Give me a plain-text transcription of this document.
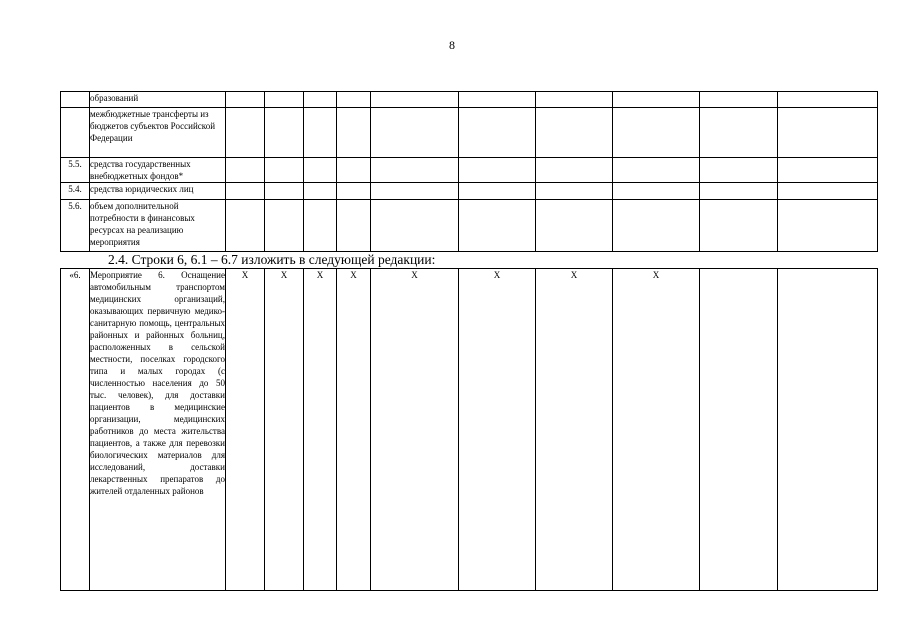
8
	образований										
	межбюджетные трансферты из бюджетов субъектов Российской Федерации										
5.5.	средства государственных внебюджетных фондов*										
5.4.	средства юридических лиц										
5.6.	объем дополнительной потребности в финансовых ресурсах на реализацию мероприятия										
2.4. Строки 6, 6.1 – 6.7 изложить в следующей редакции:
«6.	Мероприятие 6. Оснащение автомобильным транспортом медицинских организаций, оказывающих первичную медико-санитарную помощь, центральных районных и районных больниц, расположенных в сельской местности, поселках городского типа и малых городах (с численностью населения до 50 тыс. человек), для доставки пациентов в медицинские организации, медицинских работников до места жительства пациентов, а также для перевозки биологических материалов для исследований, доставки лекарственных препаратов до жителей отдаленных районов	X	X	X	X	X	X	X	X		
